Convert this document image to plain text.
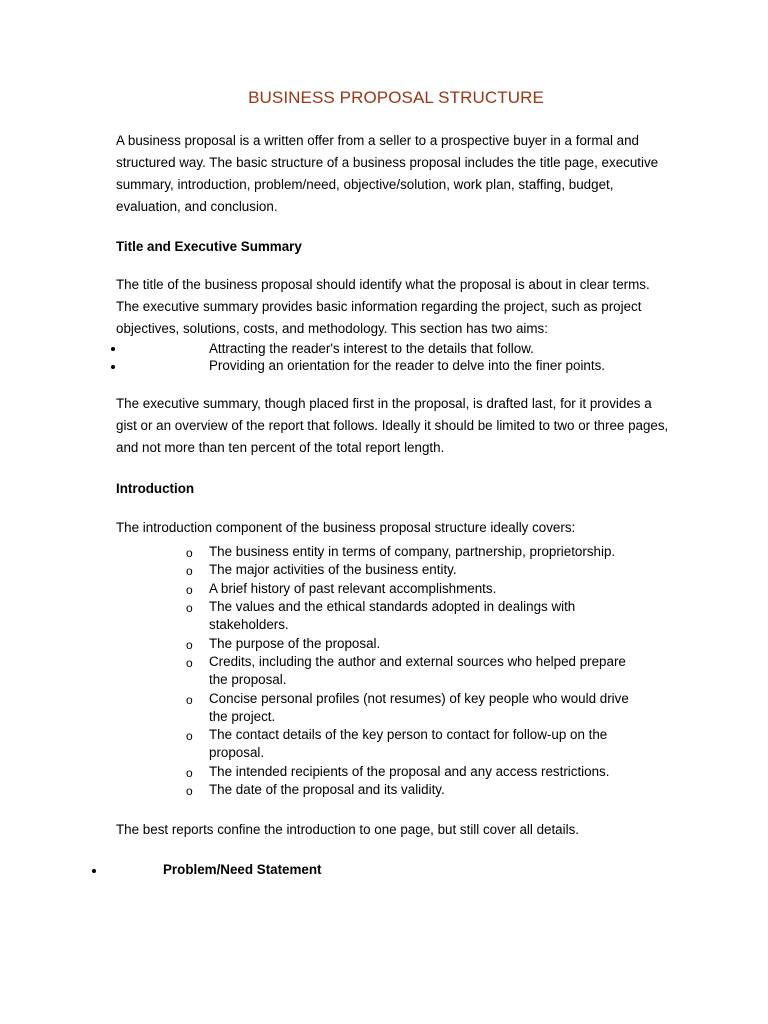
BUSINESS PROPOSAL STRUCTURE

A business proposal is a written offer from a seller to a prospective buyer in a formal and structured way. The basic structure of a business proposal includes the title page, executive summary, introduction, problem/need, objective/solution, work plan, staffing, budget, evaluation, and conclusion.

Title and Executive Summary

The title of the business proposal should identify what the proposal is about in clear terms. The executive summary provides basic information regarding the project, such as project objectives, solutions, costs, and methodology. This section has two aims:

Attracting the reader's interest to the details that follow.
Providing an orientation for the reader to delve into the finer points.

The executive summary, though placed first in the proposal, is drafted last, for it provides a gist or an overview of the report that follows. Ideally it should be limited to two or three pages, and not more than ten percent of the total report length.

Introduction
The introduction component of the business proposal structure ideally covers:
o The business entity in terms of company, partnership, proprietorship.
o The major activities of the business entity.
o A brief history of past relevant accomplishments.
o The values and the ethical standards adopted in dealings with stakeholders.
o The purpose of the proposal.
o Credits, including the author and external sources who helped prepare the proposal.
o Concise personal profiles (not resumes) of key people who would drive the project.
o The contact details of the key person to contact for follow-up on the proposal.
o The intended recipients of the proposal and any access restrictions.
o The date of the proposal and its validity.
The best reports confine the introduction to one page, but still cover all details.
Problem/Need Statement
